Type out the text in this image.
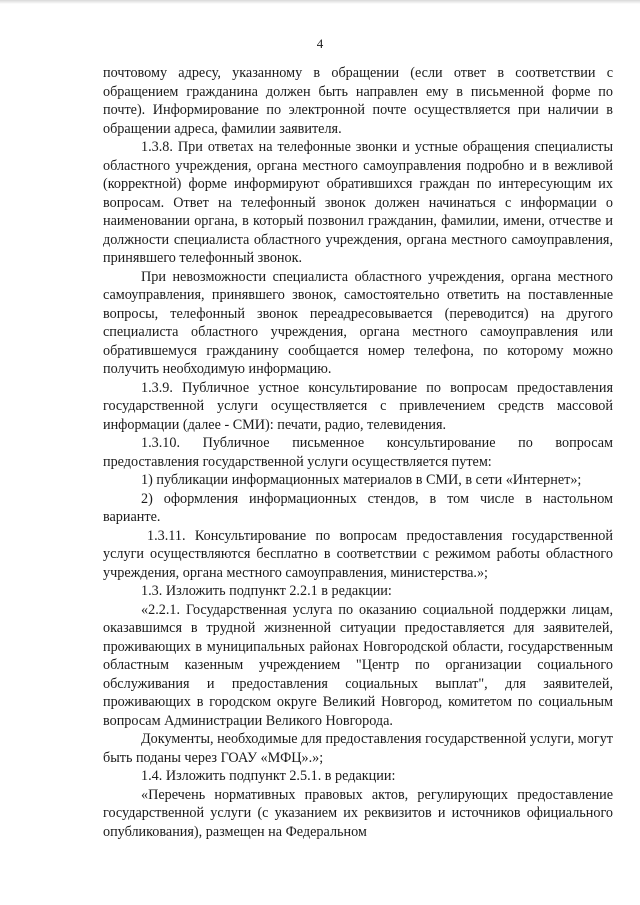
4

почтовому адресу, указанному в обращении (если ответ в соответствии с обращением гражданина должен быть направлен ему в письменной форме по почте). Информирование по электронной почте осуществляется при наличии в обращении адреса, фамилии заявителя.

1.3.8. При ответах на телефонные звонки и устные обращения специалисты областного учреждения, органа местного самоуправления подробно и в вежливой (корректной) форме информируют обратившихся граждан по интересующим их вопросам. Ответ на телефонный звонок должен начинаться с информации о наименовании органа, в который позвонил гражданин, фамилии, имени, отчестве и должности специалиста областного учреждения, органа местного самоуправления, принявшего телефонный звонок.

При невозможности специалиста областного учреждения, органа местного самоуправления, принявшего звонок, самостоятельно ответить на поставленные вопросы, телефонный звонок переадресовывается (переводится) на другого специалиста областного учреждения, органа местного самоуправления или обратившемуся гражданину сообщается номер телефона, по которому можно получить необходимую информацию.

1.3.9. Публичное устное консультирование по вопросам предоставления государственной услуги осуществляется с привлечением средств массовой информации (далее - СМИ): печати, радио, телевидения.

1.3.10. Публичное письменное консультирование по вопросам предоставления государственной услуги осуществляется путем:

1) публикации информационных материалов в СМИ, в сети «Интернет»;

2) оформления информационных стендов, в том числе в настольном варианте.

1.3.11. Консультирование по вопросам предоставления государственной услуги осуществляются бесплатно в соответствии с режимом работы областного учреждения, органа местного самоуправления, министерства.»;

1.3. Изложить подпункт 2.2.1 в редакции:

«2.2.1. Государственная услуга по оказанию социальной поддержки лицам, оказавшимся в трудной жизненной ситуации предоставляется для заявителей, проживающих в муниципальных районах Новгородской области, государственным областным казенным учреждением "Центр по организации социального обслуживания и предоставления социальных выплат", для заявителей, проживающих в городском округе Великий Новгород, комитетом по социальным вопросам Администрации Великого Новгорода.

Документы, необходимые для предоставления государственной услуги, могут быть поданы через ГОАУ «МФЦ».»;

1.4. Изложить подпункт 2.5.1. в редакции:

«Перечень нормативных правовых актов, регулирующих предоставление государственной услуги (с указанием их реквизитов и источников официального опубликования), размещен на Федеральном
